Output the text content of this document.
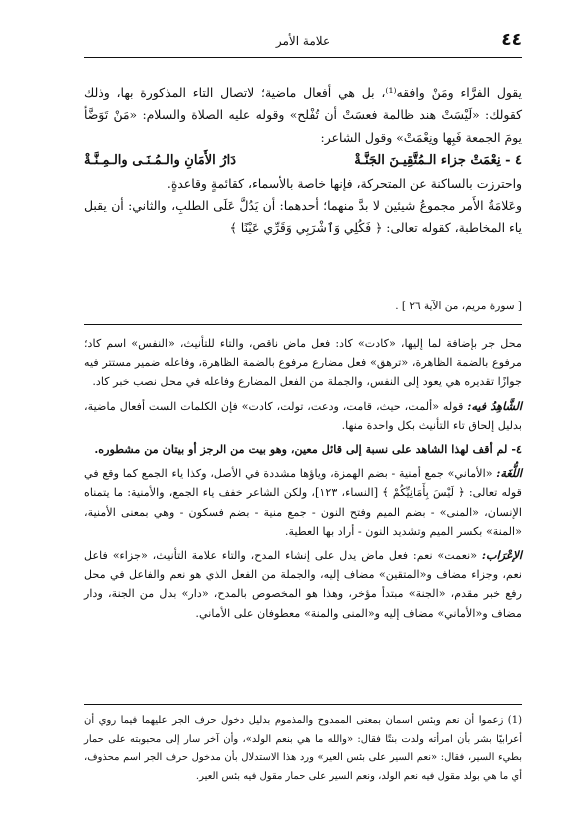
٤٤
علامة الأمر

يقول الفرَّاء ومَنْ وافقه⁽¹⁾، بل هي أفعال ماضية؛ لاتصال التاء المذكورة بها، وذلك كقولك: «لَيْسَتْ هند ظالمة فعسَتْ أن تُفْلح» وقوله عليه الصلاة والسلام: «مَنْ تَوَضَّأ يومَ الجمعة فَبِها ونِعْمَتْ» وقول الشاعر:

٤ - نِعْمَتْ جزاء الـمُتَّقِيـنَ الجَنَّـةْ
دَارُ الأَمَانِ والـمُـنَـى والـمِـنَّـةْ

واحترزت بالساكنة عن المتحركة، فإنها خاصة بالأسماء، كقائمةٍ وقاعدةٍ.

وعَلامَةُ الأَمر مجموعُ شيئين لا بدَّ منهما؛ أحدهما: أن يَدُلَّ عَلَى الطلبِ، والثاني: أن يقبل ياء المخاطبة، كقوله تعالى: ﴿ فَكُلِي وَٱشْرَبِي وَقَرِّي عَيْنًا ﴾

[ سورة مريم، من الآية ٢٦ ] .

محل جر بإضافة لما إليها، «كادت» كاد: فعل ماض ناقص، والتاء للتأنيث، «النفس» اسم كاد؛ مرفوع بالضمة الظاهرة، «ترهق» فعل مضارع مرفوع بالضمة الظاهرة، وفاعله ضمير مستتر فيه جوازًا تقديره هي يعود إلى النفس، والجملة من الفعل المضارع وفاعله في محل نصب خبر كاد.

الشَّاهِدُ فيه: قوله «ألمت، حيث، قامت، ودعت، تولت، كادت» فإن الكلمات الست أفعال ماضية، بدليل إلحاق تاء التأنيث بكل واحدة منها.

٤- لم أقف لهذا الشاهد على نسبة إلى قائل معين، وهو بيت من الرجز أو بيتان من مشطوره.

اللُّغَة: «الأماني» جمع أمنية - بضم الهمزة، وياؤها مشددة في الأصل، وكذا ياء الجمع كما وقع في قوله تعالى: ﴿ لَيْسَ بِأَمَانِيِّكُمْ ﴾ [النساء، ١٢٣]، ولكن الشاعر خفف ياء الجمع، والأمنية: ما يتمناه الإنسان، «المنى» - بضم الميم وفتح النون - جمع منية - بضم فسكون - وهي بمعنى الأمنية، «المنة» بكسر الميم وتشديد النون - أراد بها العطية.

الإعْرَاب: «نعمت» نعم: فعل ماض يدل على إنشاء المدح، والتاء علامة التأنيث، «جزاء» فاعل نعم، وجزاء مضاف و«المتقين» مضاف إليه، والجملة من الفعل الذي هو نعم والفاعل في محل رفع خبر مقدم، «الجنة» مبتدأ مؤخر، وهذا هو المخصوص بالمدح، «دار» بدل من الجنة، ودار مضاف و«الأماني» مضاف إليه و«المنى والمنة» معطوفان على الأماني.

(1) زعموا أن نعم وبئس اسمان بمعنى الممدوح والمذموم بدليل دخول حرف الجر عليهما فيما روي أن أعرابيًا بشر بأن امرأته ولدت بنتًا فقال: «والله ما هي بنعم الولد»، وأن آخر سار إلى محبوبته على حمار بطيء السير، فقال: «نعم السير على بئس العير» ورد هذا الاستدلال بأن مدخول حرف الجر اسم محذوف، أي ما هي بولد مقول فيه نعم الولد، ونعم السير على حمار مقول فيه بئس العير.
